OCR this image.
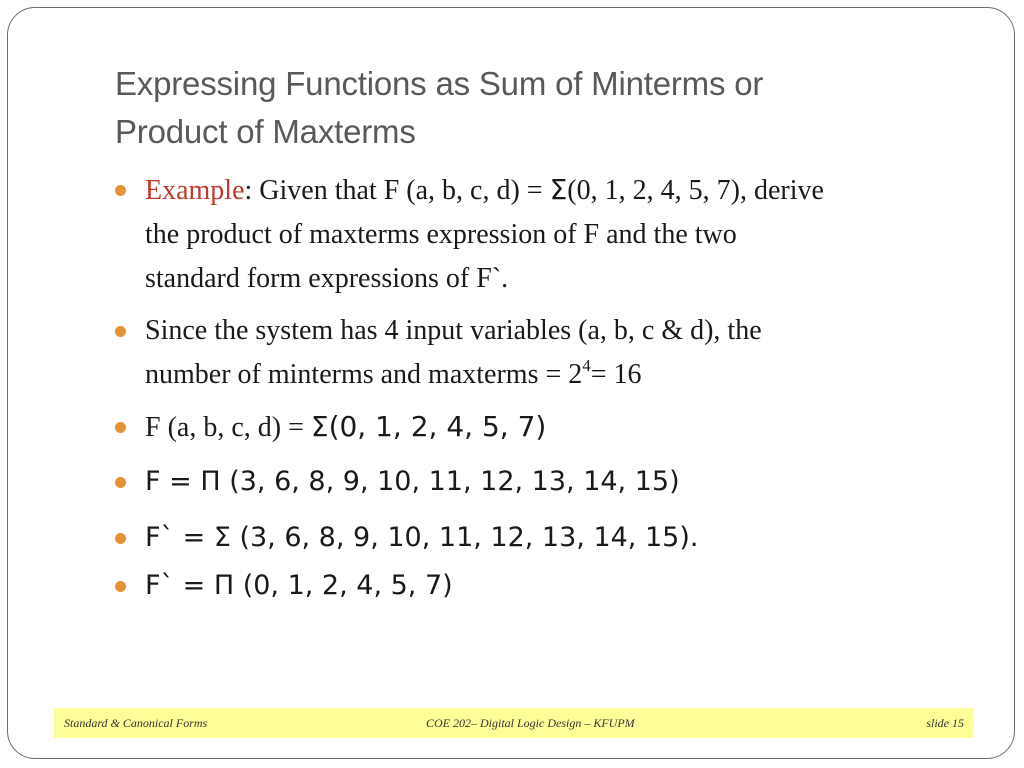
Expressing Functions as Sum of Minterms or
Product of Maxterms
Example: Given that F (a, b, c, d) = Σ(0, 1, 2, 4, 5, 7), derive
the product of maxterms expression of F and the two
standard form expressions of F`.
Since the system has 4 input variables (a, b, c & d), the
number of minterms and maxterms = $2^4= 16$
F (a, b, c, d) = Σ(0, 1, 2, 4, 5, 7)
F = Π (3, 6, 8, 9, 10, 11, 12, 13, 14, 15)
F` = Σ (3, 6, 8, 9, 10, 11, 12, 13, 14, 15).
F` = Π (0, 1, 2, 4, 5, 7)
Standard & Canonical Forms	COE 202– Digital Logic Design – KFUPM	slide 15
